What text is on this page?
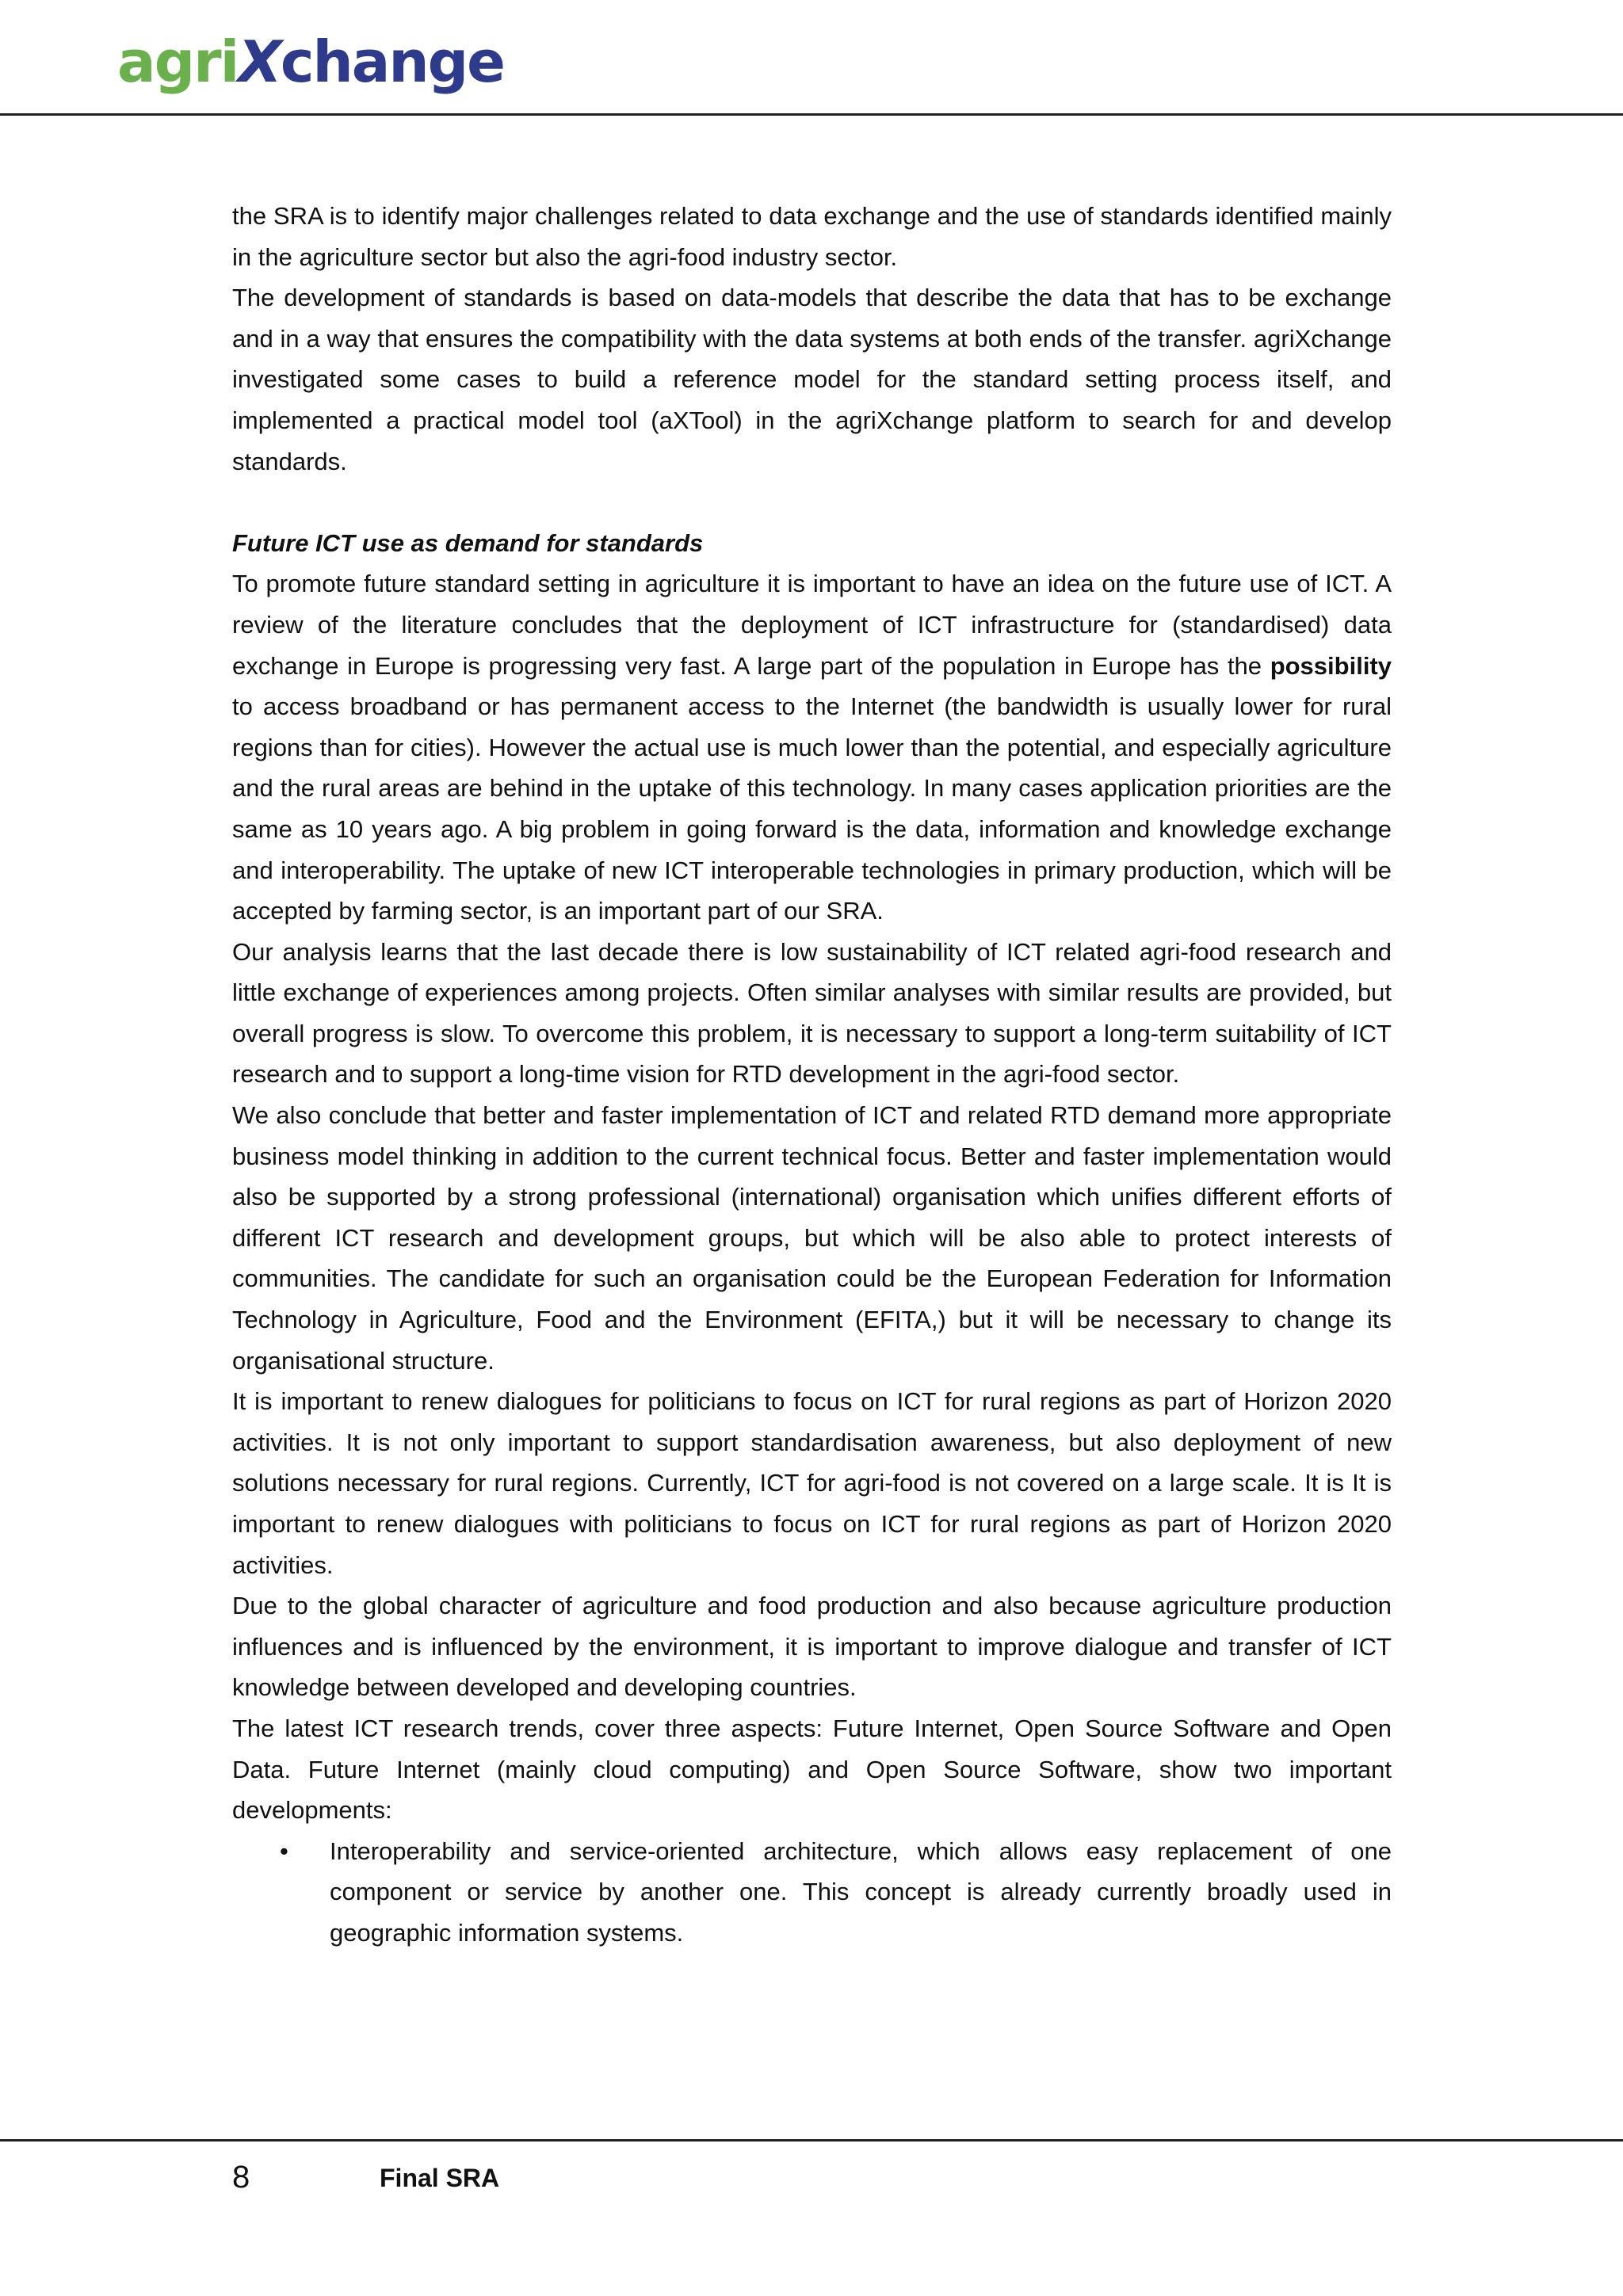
agriXchange

the SRA is to identify major challenges related to data exchange and the use of standards identified mainly in the agriculture sector but also the agri-food industry sector.

The development of standards is based on data-models that describe the data that has to be exchange and in a way that ensures the compatibility with the data systems at both ends of the transfer. agriXchange investigated some cases to build a reference model for the standard setting process itself, and implemented a practical model tool (aXTool) in the agriXchange platform to search for and develop standards.

Future ICT use as demand for standards

To promote future standard setting in agriculture it is important to have an idea on the future use of ICT. A review of the literature concludes that the deployment of ICT infrastructure for (standardised) data exchange in Europe is progressing very fast. A large part of the population in Europe has the possibility to access broadband or has permanent access to the Internet (the bandwidth is usually lower for rural regions than for cities). However the actual use is much lower than the potential, and especially agriculture and the rural areas are behind in the uptake of this technology. In many cases application priorities are the same as 10 years ago. A big problem in going forward is the data, information and knowledge exchange and interoperability. The uptake of new ICT interoperable technologies in primary production, which will be accepted by farming sector, is an important part of our SRA.

Our analysis learns that the last decade there is low sustainability of ICT related agri-food research and little exchange of experiences among projects. Often similar analyses with similar results are provided, but overall progress is slow. To overcome this problem, it is necessary to support a long-term suitability of ICT research and to support a long-time vision for RTD development in the agri-food sector.

We also conclude that better and faster implementation of ICT and related RTD demand more appropriate business model thinking in addition to the current technical focus. Better and faster implementation would also be supported by a strong professional (international) organisation which unifies different efforts of different ICT research and development groups, but which will be also able to protect interests of communities. The candidate for such an organisation could be the European Federation for Information Technology in Agriculture, Food and the Environment (EFITA,) but it will be necessary to change its organisational structure.

It is important to renew dialogues for politicians to focus on ICT for rural regions as part of Horizon 2020 activities. It is not only important to support standardisation awareness, but also deployment of new solutions necessary for rural regions. Currently, ICT for agri-food is not covered on a large scale. It is It is important to renew dialogues with politicians to focus on ICT for rural regions as part of Horizon 2020 activities.

Due to the global character of agriculture and food production and also because agriculture production influences and is influenced by the environment, it is important to improve dialogue and transfer of ICT knowledge between developed and developing countries.

The latest ICT research trends, cover three aspects: Future Internet, Open Source Software and Open Data. Future Internet (mainly cloud computing) and Open Source Software, show two important developments:

• Interoperability and service-oriented architecture, which allows easy replacement of one component or service by another one. This concept is already currently broadly used in geographic information systems.
8	Final SRA
